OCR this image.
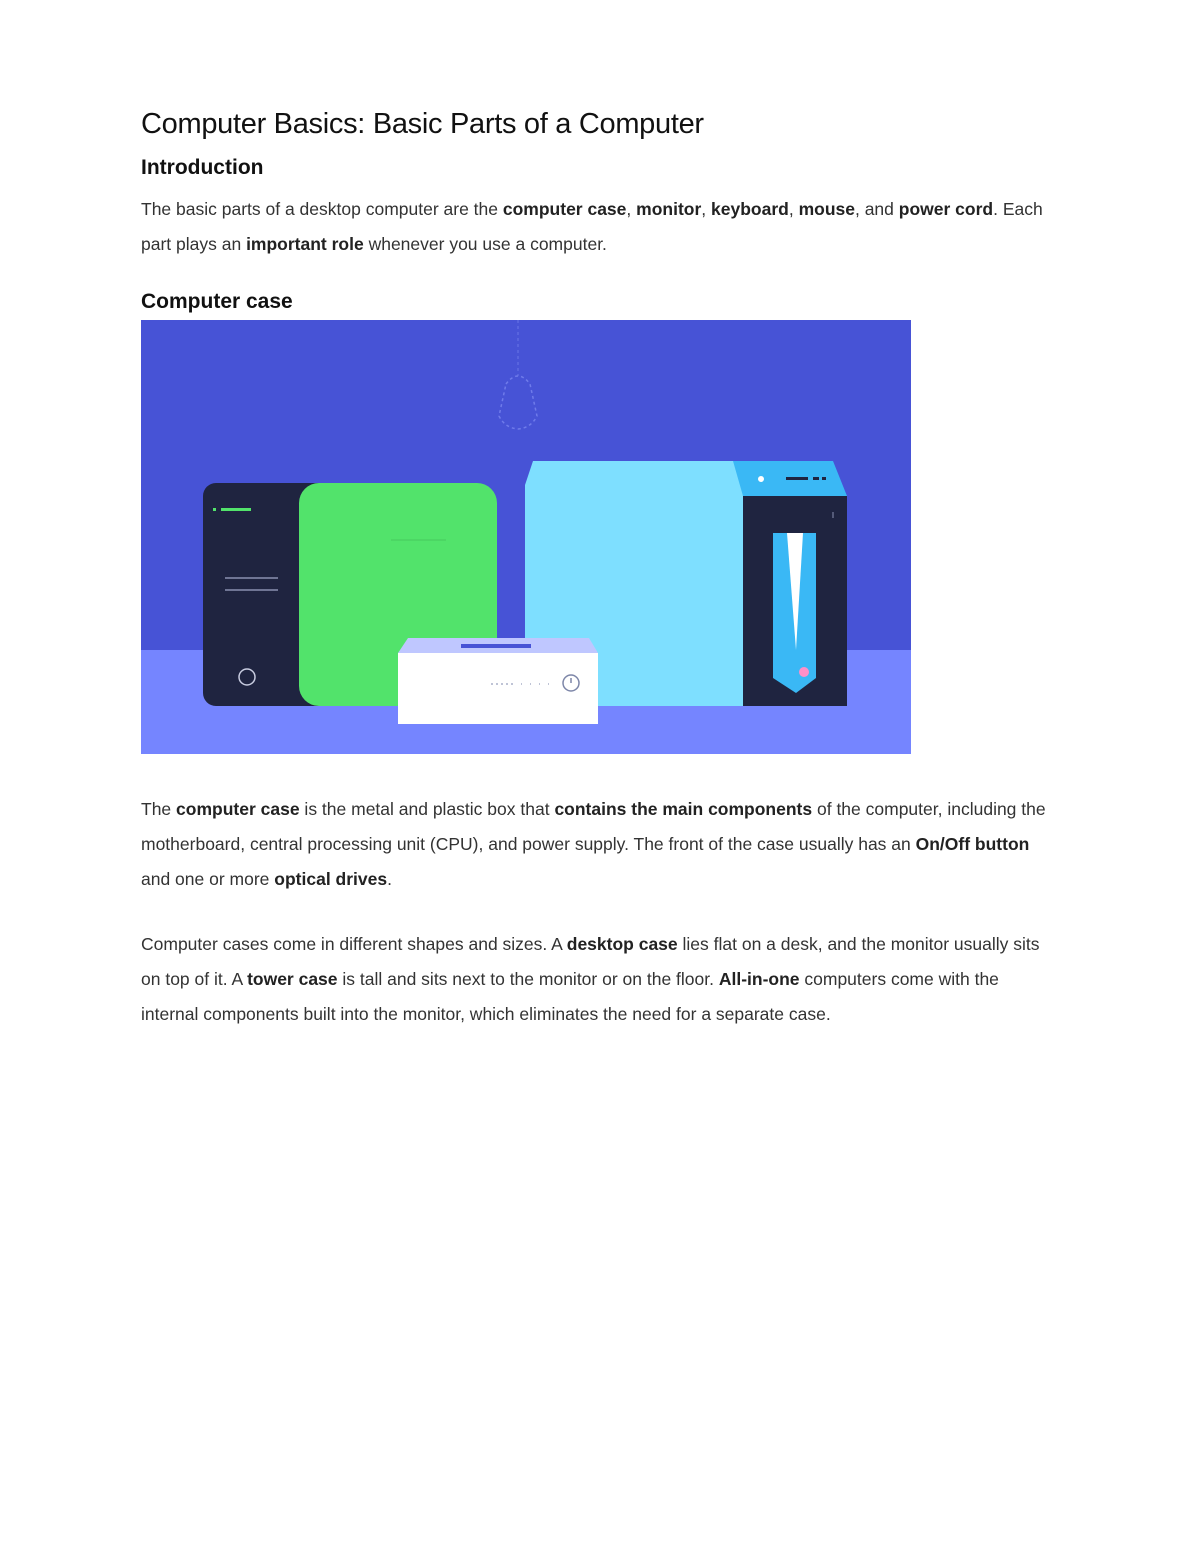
Computer Basics: Basic Parts of a Computer
Introduction

The basic parts of a desktop computer are the computer case, monitor, keyboard, mouse, and power cord. Each part plays an important role whenever you use a computer.

Computer case

The computer case is the metal and plastic box that contains the main components of the computer, including the motherboard, central processing unit (CPU), and power supply. The front of the case usually has an On/Off button and one or more optical drives.

Computer cases come in different shapes and sizes. A desktop case lies flat on a desk, and the monitor usually sits on top of it. A tower case is tall and sits next to the monitor or on the floor. All-in-one computers come with the internal components built into the monitor, which eliminates the need for a separate case.
